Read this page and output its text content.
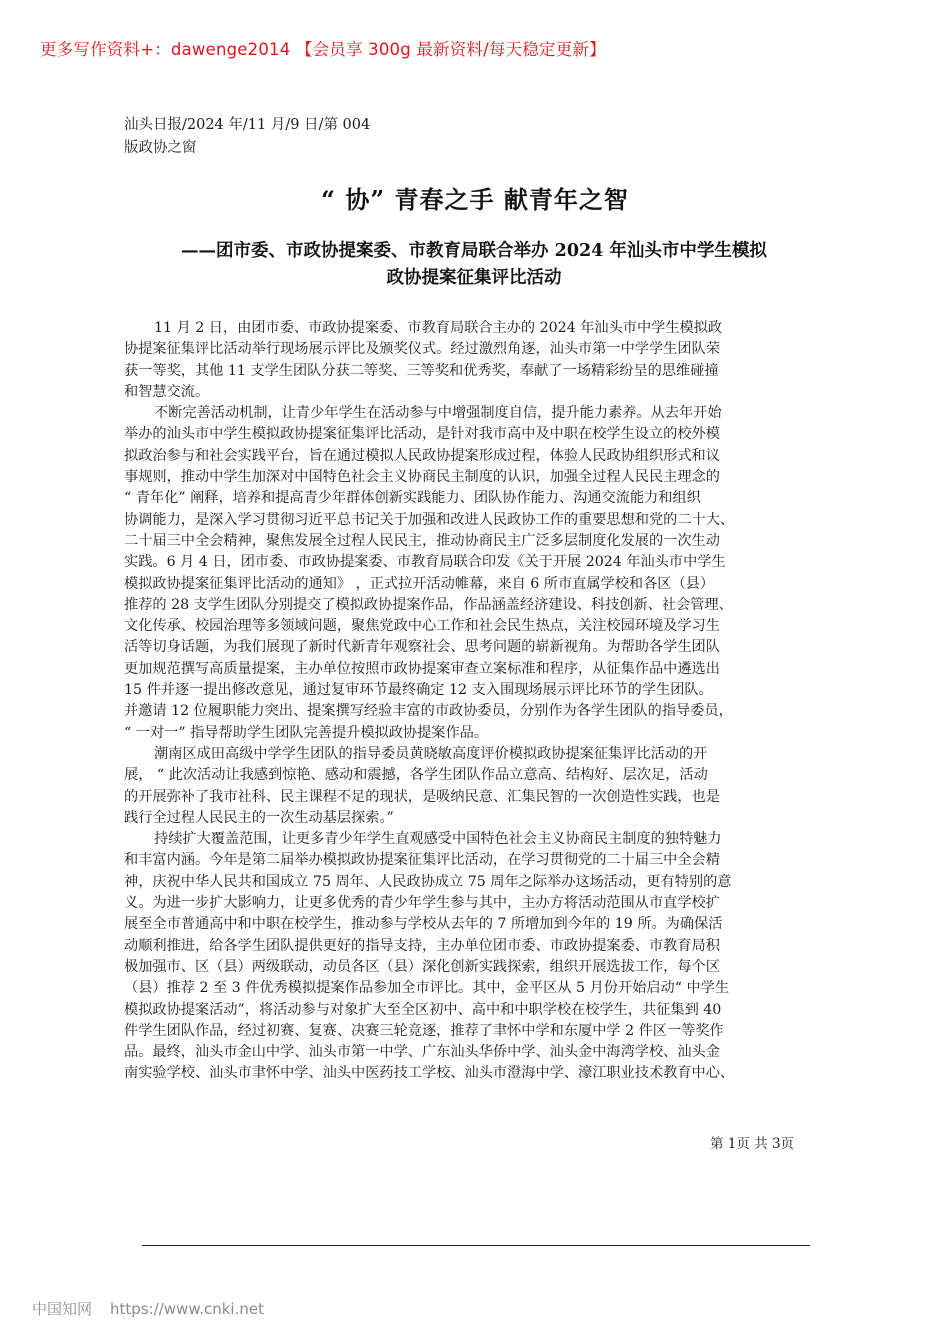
更多写作资料+：dawenge2014 【会员享 300g 最新资料/每天稳定更新】
汕头日报/2024 年/11 月/9 日/第 004
版政协之窗
“ 协” 青春之手 献青年之智
——团市委、市政协提案委、市教育局联合举办 2024 年汕头市中学生模拟
政协提案征集评比活动
11 月 2 日，由团市委、市政协提案委、市教育局联合主办的 2024 年汕头市中学生模拟政
协提案征集评比活动举行现场展示评比及颁奖仪式。经过激烈角逐，汕头市第一中学学生团队荣
获一等奖，其他 11 支学生团队分获二等奖、三等奖和优秀奖，奉献了一场精彩纷呈的思维碰撞
和智慧交流。
不断完善活动机制，让青少年学生在活动参与中增强制度自信，提升能力素养。从去年开始
举办的汕头市中学生模拟政协提案征集评比活动，是针对我市高中及中职在校学生设立的校外模
拟政治参与和社会实践平台，旨在通过模拟人民政协提案形成过程，体验人民政协组织形式和议
事规则，推动中学生加深对中国特色社会主义协商民主制度的认识，加强全过程人民民主理念的
“ 青年化” 阐释，培养和提高青少年群体创新实践能力、团队协作能力、沟通交流能力和组织
协调能力，是深入学习贯彻习近平总书记关于加强和改进人民政协工作的重要思想和党的二十大、
二十届三中全会精神，聚焦发展全过程人民民主，推动协商民主广泛多层制度化发展的一次生动
实践。6 月 4 日，团市委、市政协提案委、市教育局联合印发《关于开展 2024 年汕头市中学生
模拟政协提案征集评比活动的通知》 ，正式拉开活动帷幕，来自 6 所市直属学校和各区（县）
推荐的 28 支学生团队分别提交了模拟政协提案作品，作品涵盖经济建设、科技创新、社会管理、
文化传承、校园治理等多领域问题，聚焦党政中心工作和社会民生热点，关注校园环境及学习生
活等切身话题，为我们展现了新时代新青年观察社会、思考问题的崭新视角。为帮助各学生团队
更加规范撰写高质量提案，主办单位按照市政协提案审查立案标准和程序，从征集作品中遴选出
15 件并逐一提出修改意见，通过复审环节最终确定 12 支入围现场展示评比环节的学生团队。
并邀请 12 位履职能力突出、提案撰写经验丰富的市政协委员，分别作为各学生团队的指导委员，
“ 一对一” 指导帮助学生团队完善提升模拟政协提案作品。
潮南区成田高级中学学生团队的指导委员黄晓敏高度评价模拟政协提案征集评比活动的开
展， “ 此次活动让我感到惊艳、感动和震撼，各学生团队作品立意高、结构好、层次足，活动
的开展弥补了我市社科、民主课程不足的现状，是吸纳民意、汇集民智的一次创造性实践，也是
践行全过程人民民主的一次生动基层探索。”
持续扩大覆盖范围，让更多青少年学生直观感受中国特色社会主义协商民主制度的独特魅力
和丰富内涵。今年是第二届举办模拟政协提案征集评比活动，在学习贯彻党的二十届三中全会精
神，庆祝中华人民共和国成立 75 周年、人民政协成立 75 周年之际举办这场活动，更有特别的意
义。为进一步扩大影响力，让更多优秀的青少年学生参与其中，主办方将活动范围从市直学校扩
展至全市普通高中和中职在校学生，推动参与学校从去年的 7 所增加到今年的 19 所。为确保活
动顺利推进，给各学生团队提供更好的指导支持，主办单位团市委、市政协提案委、市教育局积
极加强市、区（县）两级联动，动员各区（县）深化创新实践探索，组织开展选拔工作，每个区
（县）推荐 2 至 3 件优秀模拟提案作品参加全市评比。其中，金平区从 5 月份开始启动“ 中学生
模拟政协提案活动”，将活动参与对象扩大至全区初中、高中和中职学校在校学生，共征集到 40
件学生团队作品，经过初赛、复赛、决赛三轮竞逐，推荐了聿怀中学和东厦中学 2 件区一等奖作
品。最终，汕头市金山中学、汕头市第一中学、广东汕头华侨中学、汕头金中海湾学校、汕头金
南实验学校、汕头市聿怀中学、汕头中医药技工学校、汕头市澄海中学、濠江职业技术教育中心、
第 1页 共 3页
中国知网 https://www.cnki.net
